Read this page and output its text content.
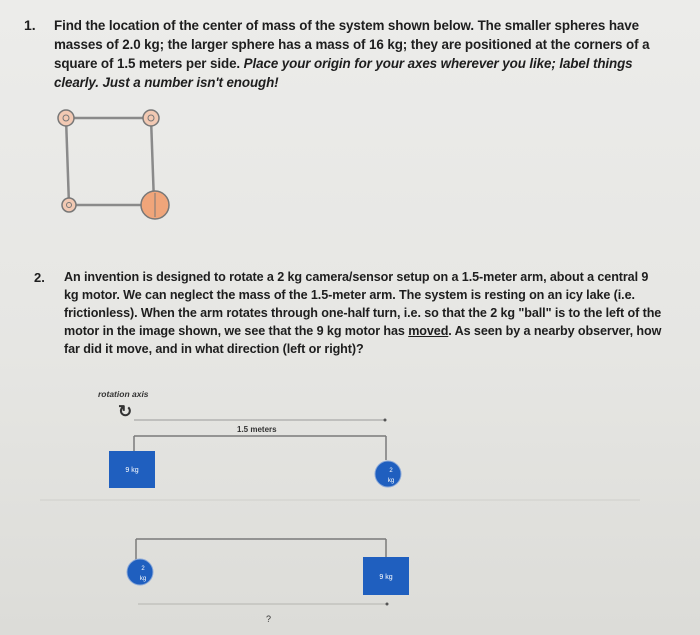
1. Find the location of the center of mass of the system shown below. The smaller spheres have masses of 2.0 kg; the larger sphere has a mass of 16 kg; they are positioned at the corners of a square of 1.5 meters per side. Place your origin for your axes wherever you like; label things clearly. Just a number isn't enough!
2. An invention is designed to rotate a 2 kg camera/sensor setup on a 1.5-meter arm, about a central 9 kg motor. We can neglect the mass of the 1.5-meter arm. The system is resting on an icy lake (i.e. frictionless). When the arm rotates through one-half turn, i.e. so that the 2 kg "ball" is to the left of the motor in the image shown, we see that the 9 kg motor has moved. As seen by a nearby observer, how far did it move, and in what direction (left or right)?
rotation axis
↻
1.5 meters
9 kg	2
kg
2
kg	9 kg
?
